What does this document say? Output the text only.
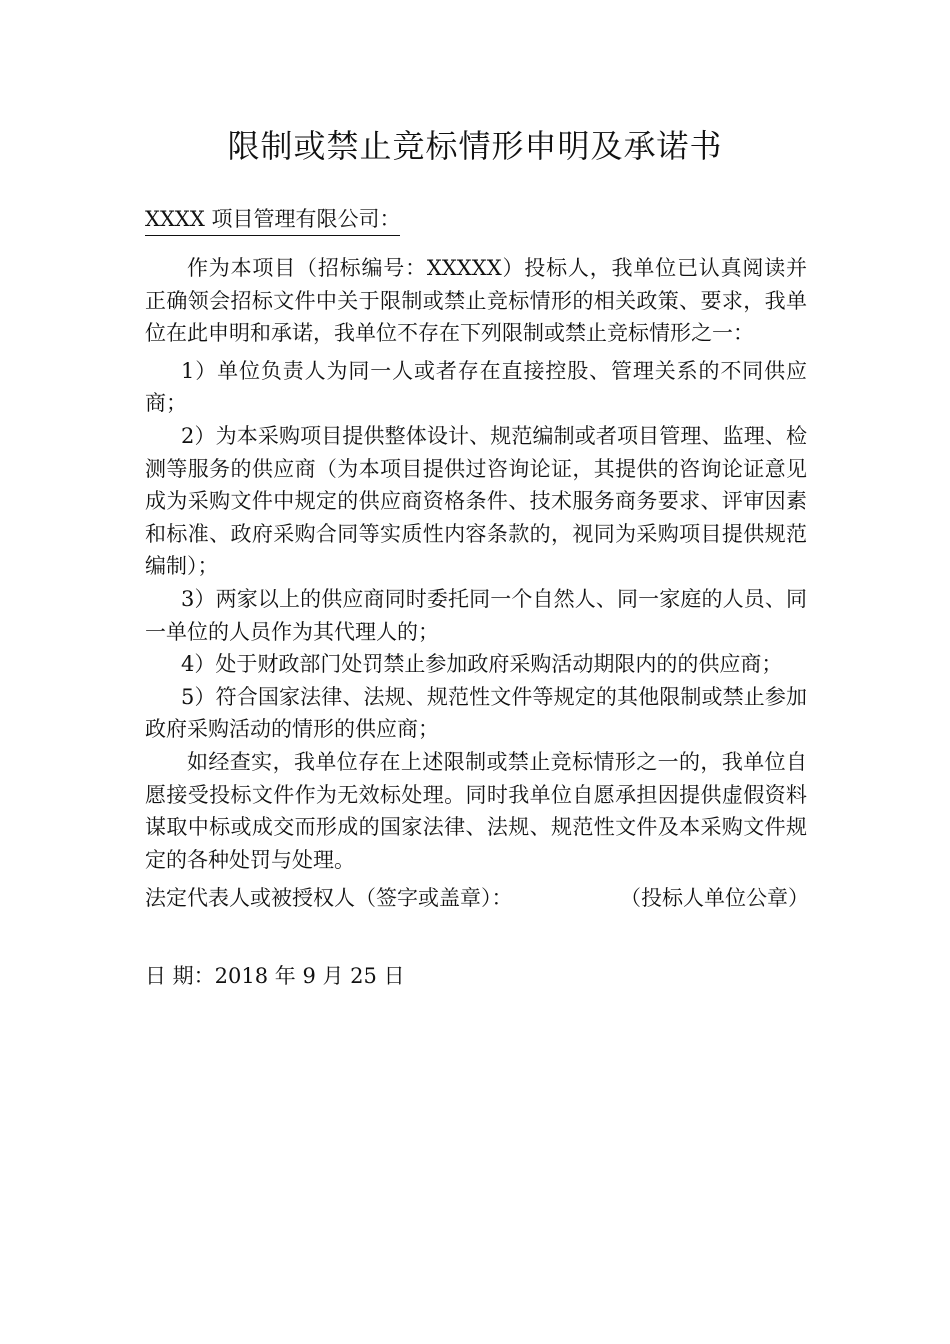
限制或禁止竞标情形申明及承诺书
XXXX 项目管理有限公司：

作为本项目（招标编号：XXXXX）投标人，我单位已认真阅读并正确领会招标文件中关于限制或禁止竞标情形的相关政策、要求，我单位在此申明和承诺，我单位不存在下列限制或禁止竞标情形之一：

1）单位负责人为同一人或者存在直接控股、管理关系的不同供应商；

2）为本采购项目提供整体设计、规范编制或者项目管理、监理、检测等服务的供应商（为本项目提供过咨询论证，其提供的咨询论证意见成为采购文件中规定的供应商资格条件、技术服务商务要求、评审因素和标准、政府采购合同等实质性内容条款的，视同为采购项目提供规范编制）；

3）两家以上的供应商同时委托同一个自然人、同一家庭的人员、同一单位的人员作为其代理人的；

4）处于财政部门处罚禁止参加政府采购活动期限内的的供应商；

5）符合国家法律、法规、规范性文件等规定的其他限制或禁止参加政府采购活动的情形的供应商；

如经查实，我单位存在上述限制或禁止竞标情形之一的，我单位自愿接受投标文件作为无效标处理。同时我单位自愿承担因提供虚假资料谋取中标或成交而形成的国家法律、法规、规范性文件及本采购文件规定的各种处罚与处理。

法定代表人或被授权人（签字或盖章）：	（投标人单位公章）
日 期：2018 年 9 月 25 日
